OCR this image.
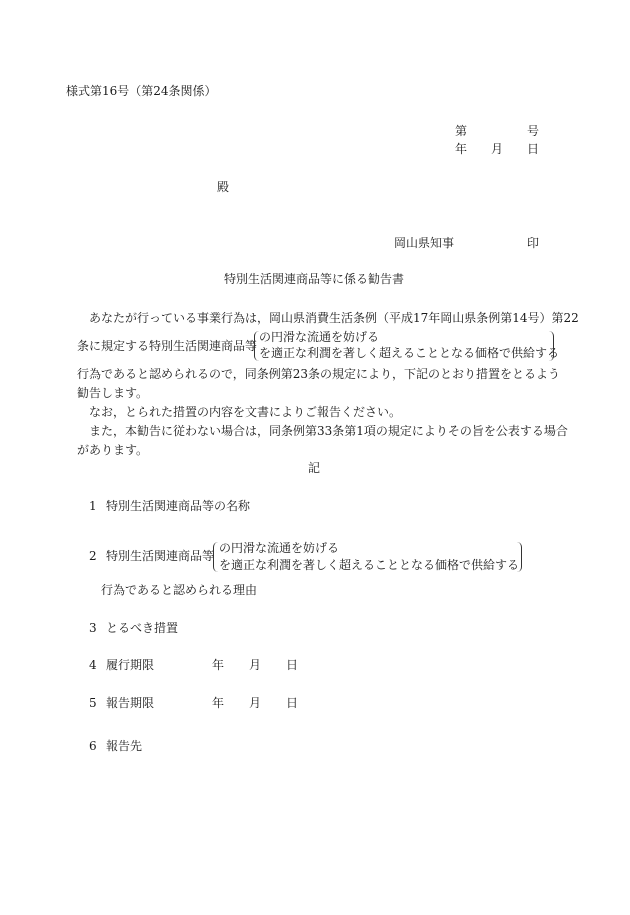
様式第16号（第24条関係）
第	号
年 月 日
殿
岡山県知事	印
特別生活関連商品等に係る勧告書
あなたが行っている事業行為は，岡山県消費生活条例（平成17年岡山県条例第14号）第22
条に規定する特別生活関連商品等
の円滑な流通を妨げる
を適正な利潤を著しく超えることとなる価格で供給する
行為であると認められるので，同条例第23条の規定により，下記のとおり措置をとるよう
勧告します。
なお，とられた措置の内容を文書によりご報告ください。
また，本勧告に従わない場合は，同条例第33条第1項の規定によりその旨を公表する場合
があります。
記
1 特別生活関連商品等の名称
2 特別生活関連商品等
の円滑な流通を妨げる
を適正な利潤を著しく超えることとなる価格で供給する
行為であると認められる理由
3 とるべき措置
4 履行期限	年 月 日
5 報告期限	年 月 日
6 報告先
